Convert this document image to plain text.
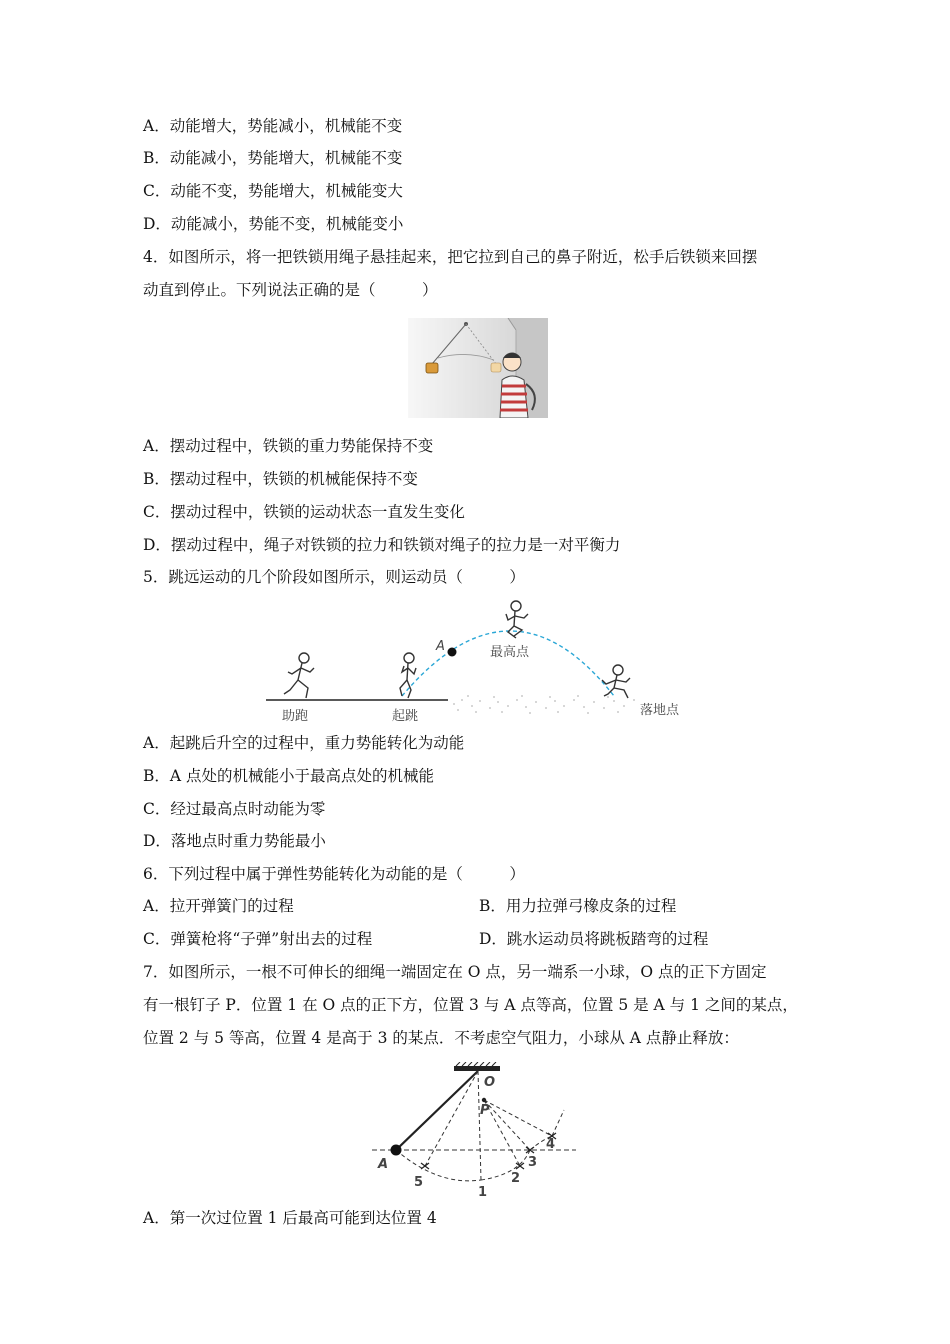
A．动能增大，势能减小，机械能不变
B．动能减小，势能增大，机械能不变
C．动能不变，势能增大，机械能变大
D．动能减小，势能不变，机械能变小
4．如图所示，将一把铁锁用绳子悬挂起来，把它拉到自己的鼻子附近，松手后铁锁来回摆
动直到停止。下列说法正确的是（　　　）
A．摆动过程中，铁锁的重力势能保持不变
B．摆动过程中，铁锁的机械能保持不变
C．摆动过程中，铁锁的运动状态一直发生变化
D．摆动过程中，绳子对铁锁的拉力和铁锁对绳子的拉力是一对平衡力
5．跳远运动的几个阶段如图所示，则运动员（　　　）
A
助跑	起跳
最高点
落地点
A．起跳后升空的过程中，重力势能转化为动能
B．A 点处的机械能小于最高点处的机械能
C．经过最高点时动能为零
D．落地点时重力势能最小
6．下列过程中属于弹性势能转化为动能的是（　　　）
A．拉开弹簧门的过程	B．用力拉弹弓橡皮条的过程
C．弹簧枪将“子弹”射出去的过程	D．跳水运动员将跳板踏弯的过程
7．如图所示，一根不可伸长的细绳一端固定在 O 点，另一端系一小球，O 点的正下方固定
有一根钉子 P．位置 1 在 O 点的正下方，位置 3 与 A 点等高，位置 5 是 A 与 1 之间的某点，
位置 2 与 5 等高，位置 4 是高于 3 的某点．不考虑空气阻力，小球从 A 点静止释放：
O
P
A
1
2
3
4
5
A．第一次过位置 1 后最高可能到达位置 4
